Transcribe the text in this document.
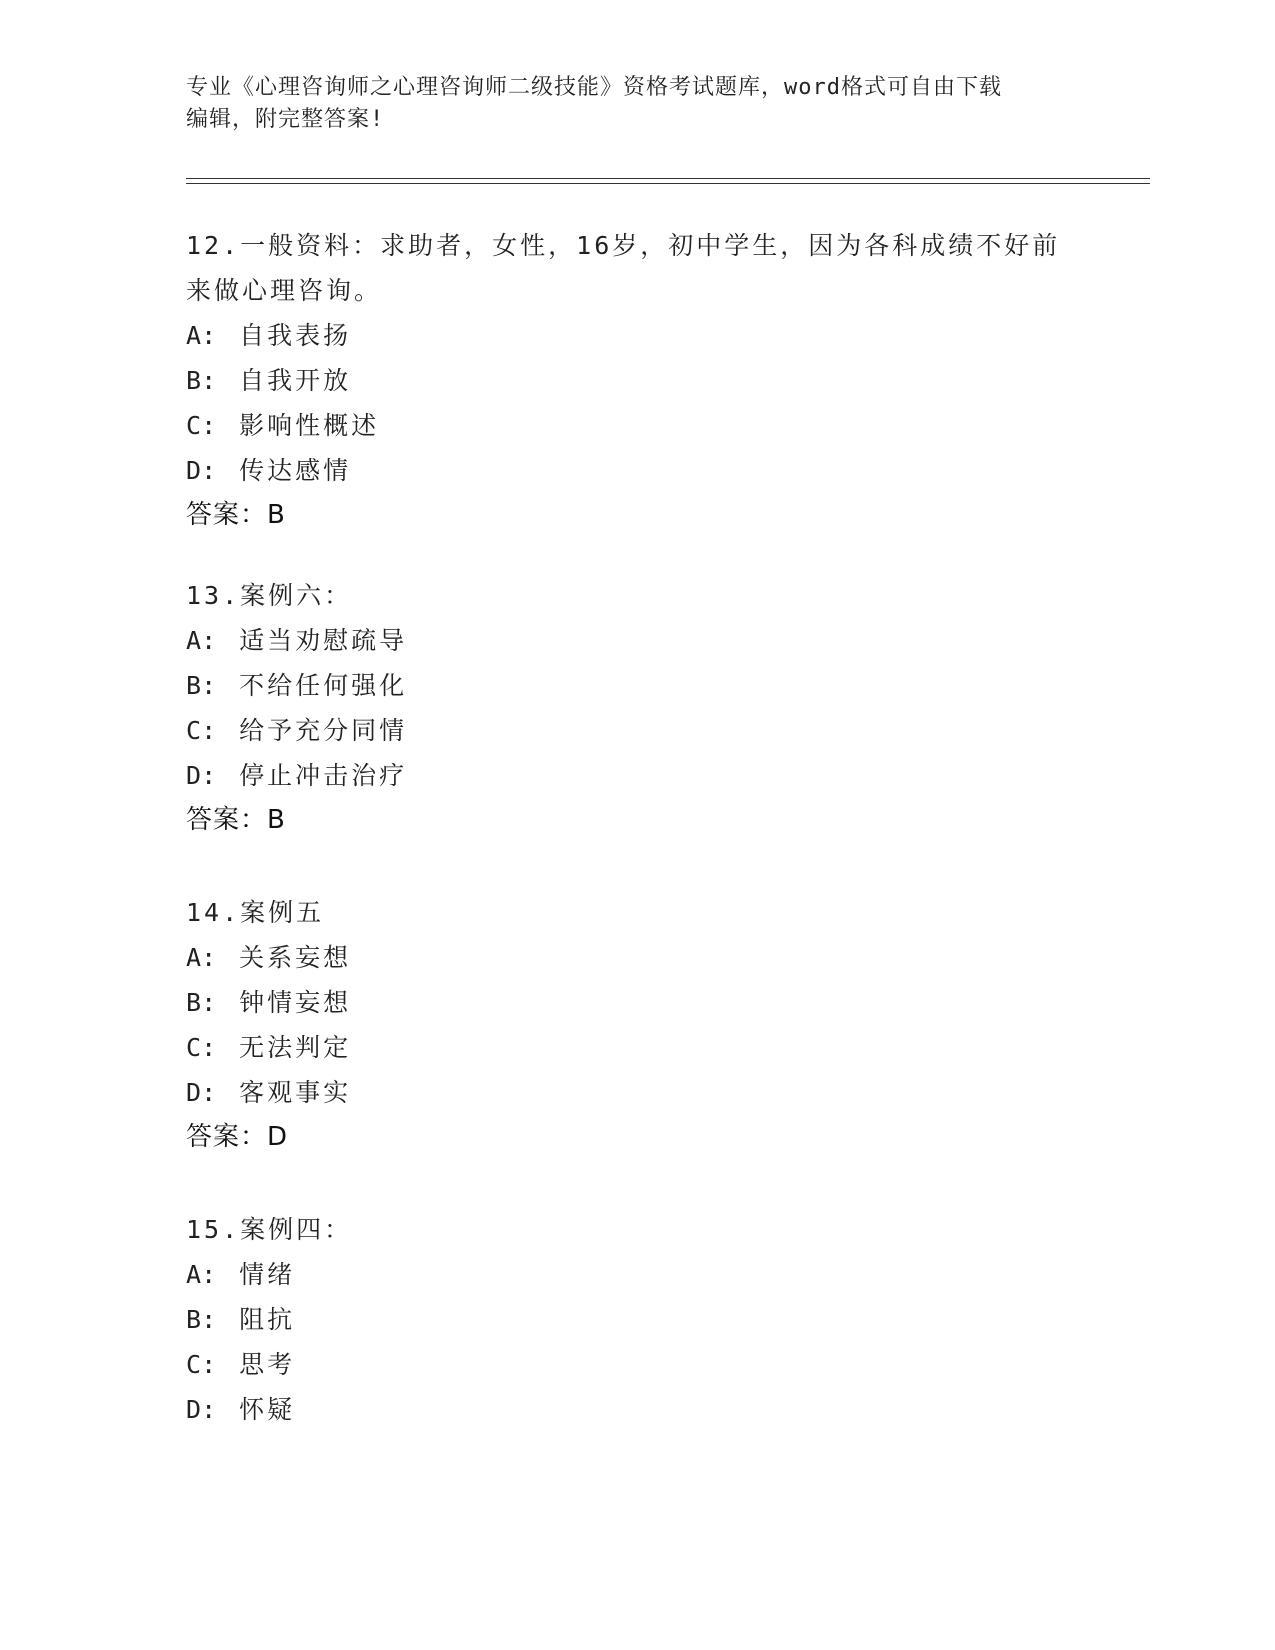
专业《心理咨询师之心理咨询师二级技能》资格考试题库，word格式可自由下载
编辑，附完整答案!
12.一般资料：求助者，女性，16岁，初中学生，因为各科成绩不好前
来做心理咨询。
A: 自我表扬
B: 自我开放
C: 影响性概述
D: 传达感情
答案：B
13.案例六：
A: 适当劝慰疏导
B: 不给任何强化
C: 给予充分同情
D: 停止冲击治疗
答案：B
14.案例五
A: 关系妄想
B: 钟情妄想
C: 无法判定
D: 客观事实
答案：D
15.案例四：
A: 情绪
B: 阻抗
C: 思考
D: 怀疑
